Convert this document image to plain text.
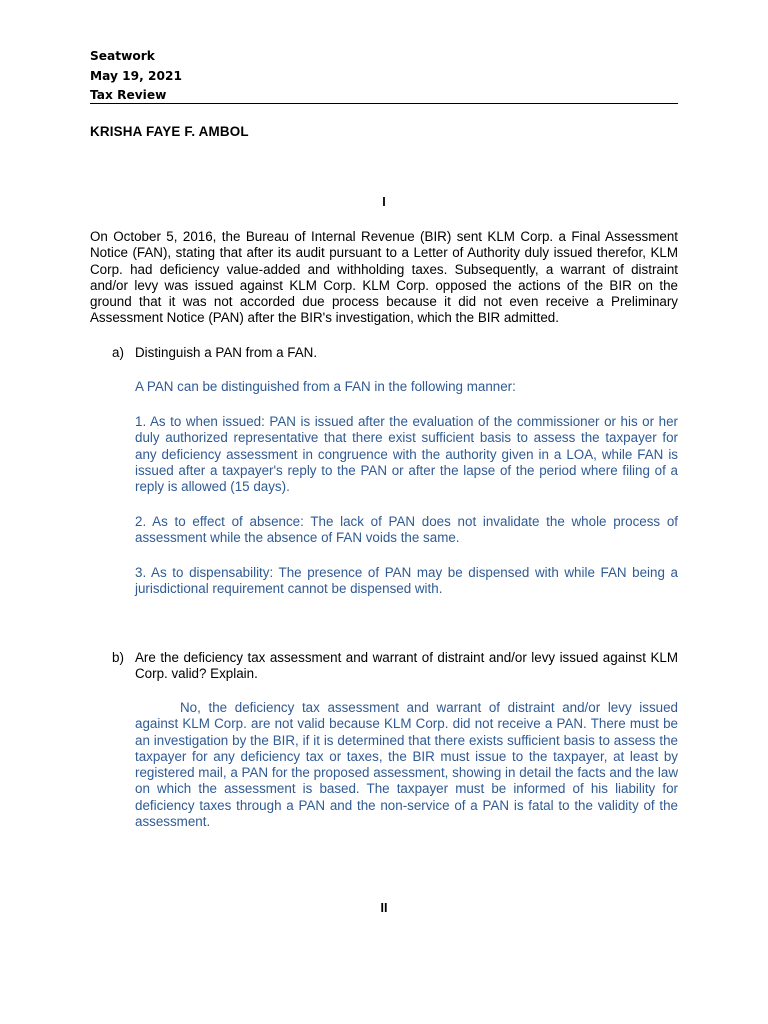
Seatwork
May 19, 2021
Tax Review
KRISHA FAYE F. AMBOL
I
On October 5, 2016, the Bureau of Internal Revenue (BIR) sent KLM Corp. a Final Assessment Notice (FAN), stating that after its audit pursuant to a Letter of Authority duly issued therefor, KLM Corp. had deficiency value-added and withholding taxes. Subsequently, a warrant of distraint and/or levy was issued against KLM Corp. KLM Corp. opposed the actions of the BIR on the ground that it was not accorded due process because it did not even receive a Preliminary Assessment Notice (PAN) after the BIR's investigation, which the BIR admitted.
a) Distinguish a PAN from a FAN.
A PAN can be distinguished from a FAN in the following manner:
1. As to when issued: PAN is issued after the evaluation of the commissioner or his or her duly authorized representative that there exist sufficient basis to assess the taxpayer for any deficiency assessment in congruence with the authority given in a LOA, while FAN is issued after a taxpayer's reply to the PAN or after the lapse of the period where filing of a reply is allowed (15 days).
2. As to effect of absence: The lack of PAN does not invalidate the whole process of assessment while the absence of FAN voids the same.
3. As to dispensability: The presence of PAN may be dispensed with while FAN being a jurisdictional requirement cannot be dispensed with.
b) Are the deficiency tax assessment and warrant of distraint and/or levy issued against KLM Corp. valid? Explain.
No, the deficiency tax assessment and warrant of distraint and/or levy issued against KLM Corp. are not valid because KLM Corp. did not receive a PAN. There must be an investigation by the BIR, if it is determined that there exists sufficient basis to assess the taxpayer for any deficiency tax or taxes, the BIR must issue to the taxpayer, at least by registered mail, a PAN for the proposed assessment, showing in detail the facts and the law on which the assessment is based. The taxpayer must be informed of his liability for deficiency taxes through a PAN and the non-service of a PAN is fatal to the validity of the assessment.
II
